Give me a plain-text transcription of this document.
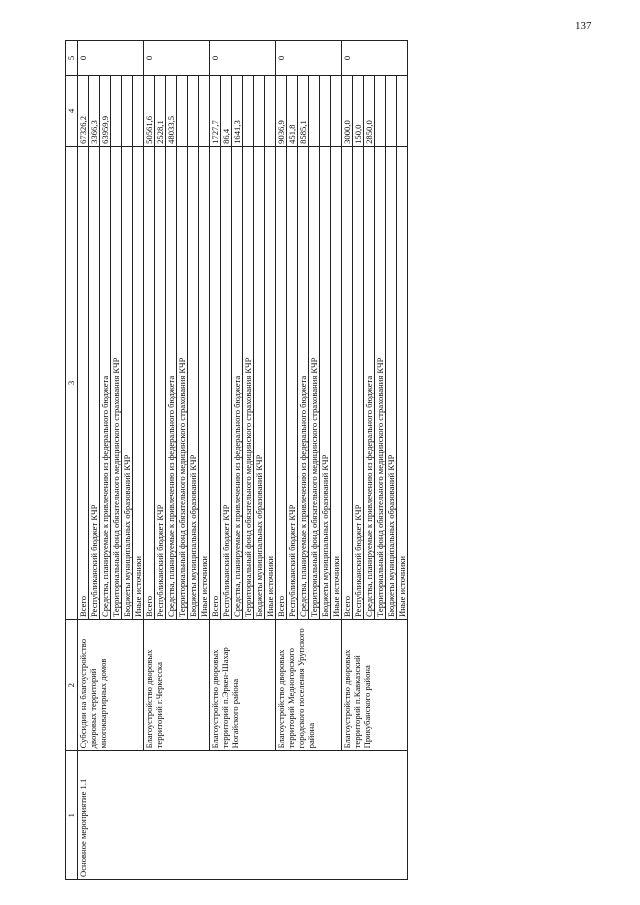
137
1	2	3	4	5
Основное мероприятие 1.1	Субсидии на благоустройство дворовых территорий многоквартирных домов	Всего	67326,2	0
		Республиканский бюджет КЧР	3366,3	
		Средства, планируемые к привлечению из федерального бюджета	63959,9	
		Территориальный фонд обязательного медицинского страхования КЧР		
		Бюджеты муниципальных образований КЧР		
		Иные источники		
	Благоустройство дворовых территорий г.Черкесска	Всего	50561,6	0
		Республиканский бюджет КЧР	2528,1	
		Средства, планируемые к привлечению из федерального бюджета	48033,5	
		Территориальный фонд обязательного медицинского страхования КЧР		
		Бюджеты муниципальных образований КЧР		
		Иные источники		
	Благоустройство дворовых территорий п.Эркен-Шахар Ногайского района	Всего	1727,7	0
		Республиканский бюджет КЧР	86,4	
		Средства, планируемые к привлечению из федерального бюджета	1641,3	
		Территориальный фонд обязательного медицинского страхования КЧР		
		Бюджеты муниципальных образований КЧР		
		Иные источники		
	Благоустройство дворовых территорий Медногорского городского поселения Урупского района	Всего	9036,9	0
		Республиканский бюджет КЧР	451,8	
		Средства, планируемые к привлечению из федерального бюджета	8585,1	
		Территориальный фонд обязательного медицинского страхования КЧР		
		Бюджеты муниципальных образований КЧР		
		Иные источники		
	Благоустройство дворовых территорий п.Кавказский Прикубанского района	Всего	3000,0	0
		Республиканский бюджет КЧР	150,0	
		Средства, планируемые к привлечению из федерального бюджета	2850,0	
		Территориальный фонд обязательного медицинского страхования КЧР		
		Бюджеты муниципальных образований КЧР		
		Иные источники		
